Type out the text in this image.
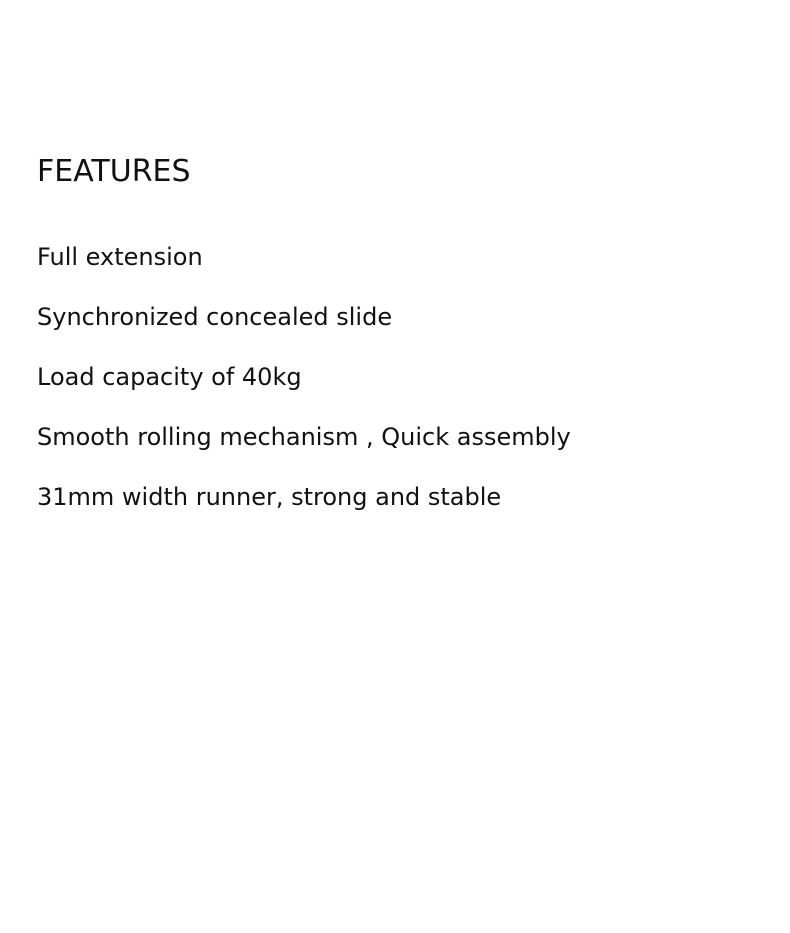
FEATURES
Full extension
Synchronized concealed slide
Load capacity of 40kg
Smooth rolling mechanism , Quick assembly
31mm width runner, strong and stable
